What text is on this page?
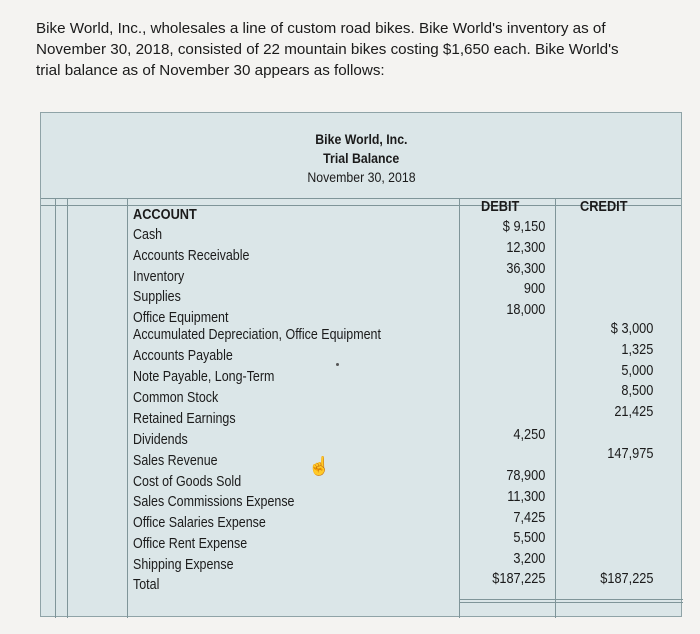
Bike World, Inc., wholesales a line of custom road bikes. Bike World's inventory as of
November 30, 2018, consisted of 22 mountain bikes costing $1,650 each. Bike World's
trial balance as of November 30 appears as follows:
Bike World, Inc.
Trial Balance
November 30, 2018
ACCOUNT	DEBIT	CREDIT
Cash
Accounts Receivable
Inventory
Supplies
Office Equipment
Accumulated Depreciation, Office Equipment
Accounts Payable
Note Payable, Long-Term
Common Stock
Retained Earnings
Dividends
Sales Revenue
Cost of Goods Sold
Sales Commissions Expense
Office Salaries Expense
Office Rent Expense
Shipping Expense
Total
$ 9,150
12,300
36,300
900
18,000
4,250
78,900
11,300
7,425
5,500
3,200
$187,225
$ 3,000
1,325
5,000
8,500
21,425
147,975
$187,225
☝
